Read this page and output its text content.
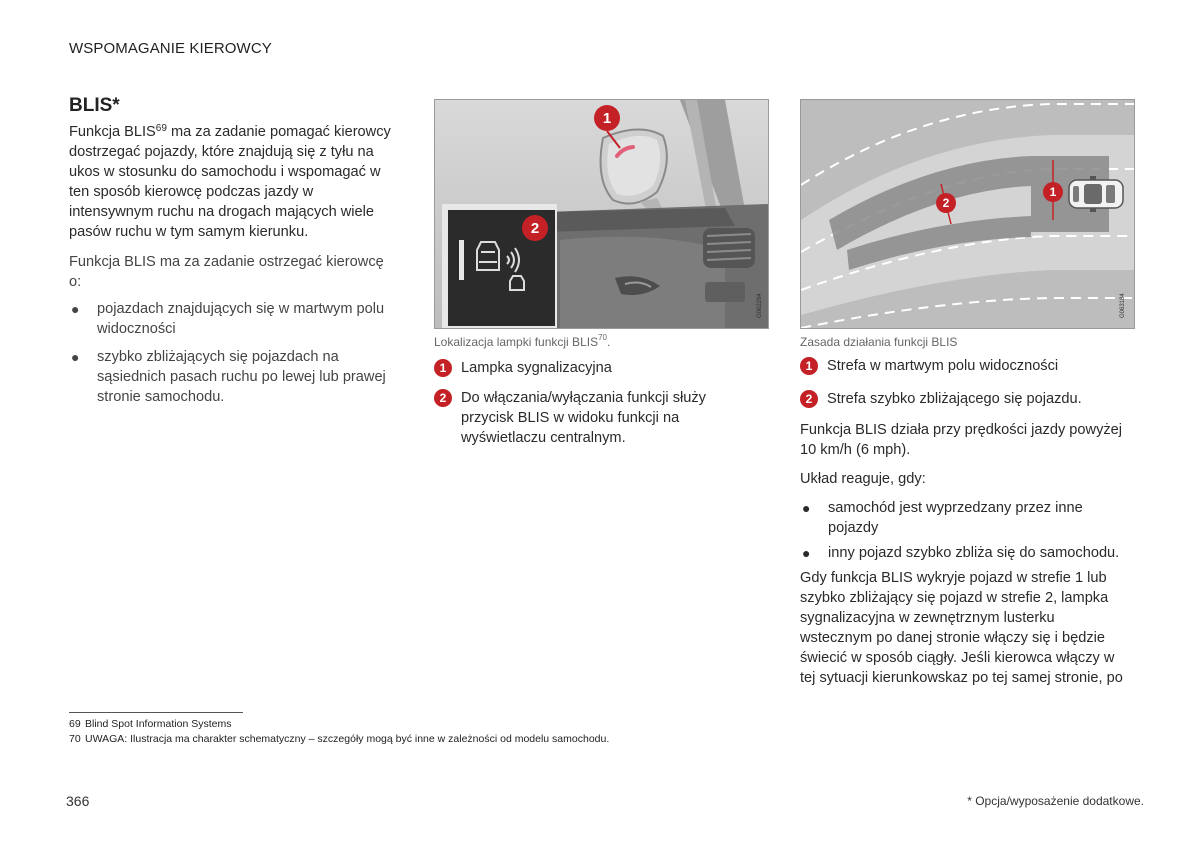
WSPOMAGANIE KIEROWCY
BLIS*
Funkcja BLIS$^{69}$ ma za zadanie pomagać kierowcy dostrzegać pojazdy, które znajdują się z tyłu na ukos w stosunku do samochodu i wspomagać w ten sposób kierowcę podczas jazdy w intensywnym ruchu na drogach mających wiele pasów ruchu w tym samym kierunku.
Funkcja BLIS ma za zadanie ostrzegać kierowcę o:
● pojazdach znajdujących się w martwym polu widoczności
● szybko zbliżających się pojazdach na sąsiednich pasach ruchu po lewej lub prawej stronie samochodu.
1
2
G062284
Lokalizacja lampki funkcji BLIS$^{70}$.
1	Lampka sygnalizacyjna
2	Do włączania/wyłączania funkcji służy przycisk BLIS w widoku funkcji na wyświetlaczu centralnym.
1
2
G063184
Zasada działania funkcji BLIS
1	Strefa w martwym polu widoczności
2	Strefa szybko zbliżającego się pojazdu.
Funkcja BLIS działa przy prędkości jazdy powyżej 10 km/h (6 mph).
Układ reaguje, gdy:
● samochód jest wyprzedzany przez inne pojazdy
● inny pojazd szybko zbliża się do samochodu.
Gdy funkcja BLIS wykryje pojazd w strefie 1 lub szybko zbliżający się pojazd w strefie 2, lampka sygnalizacyjna w zewnętrznym lusterku wstecznym po danej stronie włączy się i będzie świecić w sposób ciągły. Jeśli kierowca włączy w tej sytuacji kierunkowskaz po tej samej stronie, po
69 Blind Spot Information Systems
70 UWAGA: Ilustracja ma charakter schematyczny – szczegóły mogą być inne w zależności od modelu samochodu.
366	* Opcja/wyposażenie dodatkowe.
